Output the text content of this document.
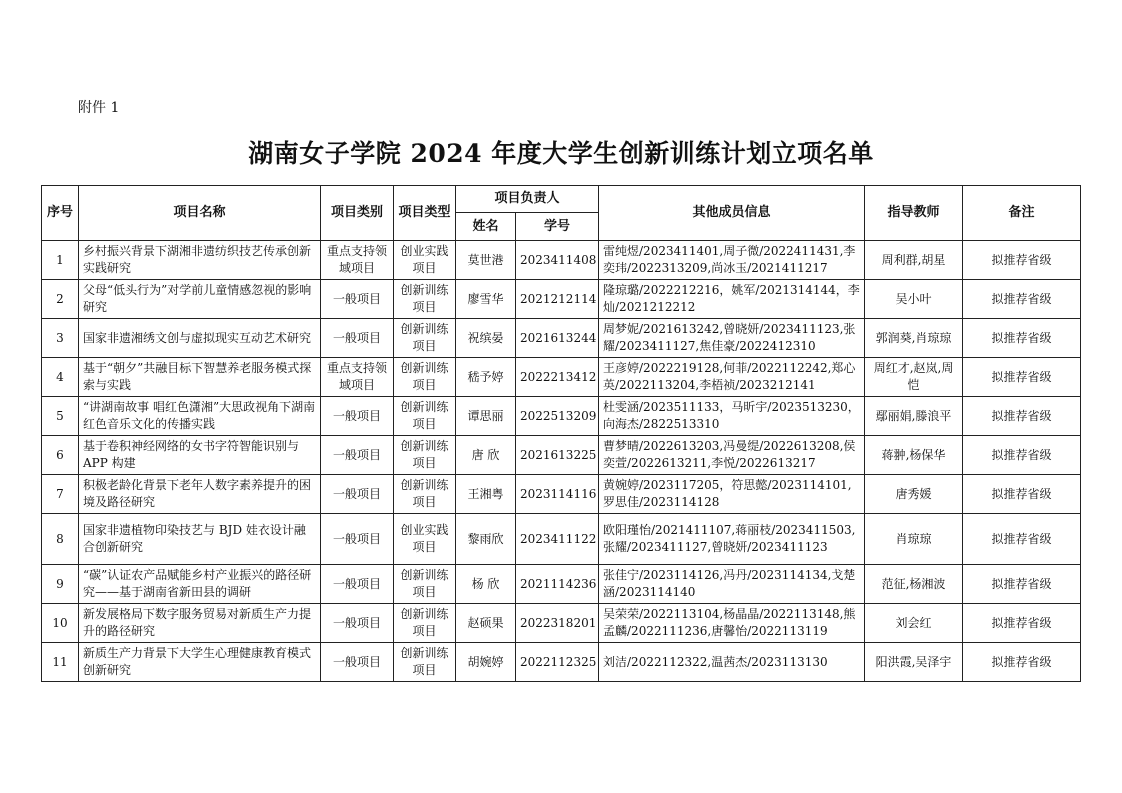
附件 1
湖南女子学院 2024 年度大学生创新训练计划立项名单
序号	项目名称	项目类别	项目类型	项目负责人		其他成员信息	指导教师	备注
				姓名	学号			
1	乡村振兴背景下湖湘非遗纺织技艺传承创新实践研究	重点支持领域项目	创业实践项目	莫世港	2023411408	雷纯煜/2023411401,周子微/2022411431,李奕玮/2022313209,尚冰玉/2021411217	周利群,胡星	拟推荐省级
2	父母“低头行为”对学前儿童情感忽视的影响研究	一般项目	创新训练项目	廖雪华	2021212114	隆琼璐/2022212216，姚军/2021314144，李灿/2021212212	吴小叶	拟推荐省级
3	国家非遗湘绣文创与虚拟现实互动艺术研究	一般项目	创新训练项目	祝缤晏	2021613244	周梦妮/2021613242,曾晓妍/2023411123,张耀/2023411127,焦佳豪/2022412310	郭润葵,肖琼琼	拟推荐省级
4	基于“朝夕”共融目标下智慧养老服务模式探索与实践	重点支持领域项目	创新训练项目	嵇予婷	2022213412	王彦婷/2022219128,何菲/2022112242,郑心英/2022113204,李梧祯/2023212141	周红才,赵岚,周恺	拟推荐省级
5	“讲湖南故事 唱红色潇湘”大思政视角下湖南红色音乐文化的传播实践	一般项目	创新训练项目	谭思丽	2022513209	杜雯涵/2023511133，马昕宇/2023513230，向海杰/2822513310	鄢丽娟,滕浪平	拟推荐省级
6	基于卷积神经网络的女书字符智能识别与 APP 构建	一般项目	创新训练项目	唐 欣	2021613225	曹梦晴/2022613203,冯曼缇/2022613208,侯奕萱/2022613211,李悦/2022613217	蒋翀,杨保华	拟推荐省级
7	积极老龄化背景下老年人数字素养提升的困境及路径研究	一般项目	创新训练项目	王湘粤	2023114116	黄婉婷/2023117205，符思懿/2023114101,罗思佳/2023114128	唐秀媛	拟推荐省级
8	国家非遗植物印染技艺与 BJD 娃衣设计融合创新研究	一般项目	创业实践项目	黎雨欣	2023411122	欧阳瑾怡/2021411107,蒋丽枝/2023411503,张耀/2023411127,曾晓妍/2023411123	肖琼琼	拟推荐省级
9	“碳”认证农产品赋能乡村产业振兴的路径研究——基于湖南省新田县的调研	一般项目	创新训练项目	杨 欣	2021114236	张佳宁/2023114126,冯丹/2023114134,戈楚涵/2023114140	范征,杨湘波	拟推荐省级
10	新发展格局下数字服务贸易对新质生产力提升的路径研究	一般项目	创新训练项目	赵硕果	2022318201	吴荣荣/2022113104,杨晶晶/2022113148,熊孟麟/2022111236,唐馨怡/2022113119	刘会红	拟推荐省级
11	新质生产力背景下大学生心理健康教育模式创新研究	一般项目	创新训练项目	胡婉婷	2022112325	刘洁/2022112322,温茜杰/2023113130	阳洪霞,吴泽宇	拟推荐省级
